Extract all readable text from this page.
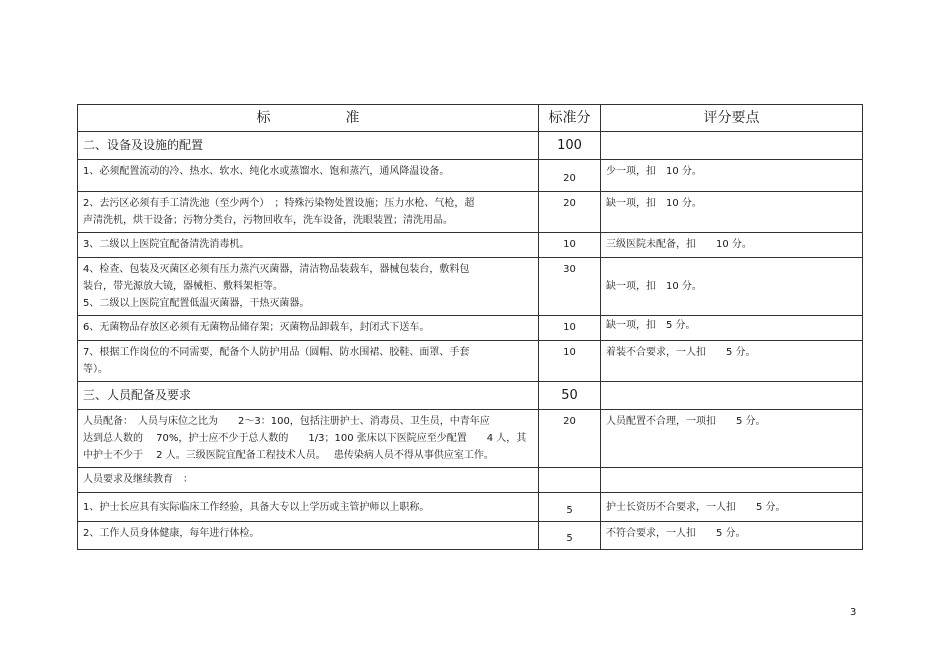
标 准	标准分	评分要点
二、设备及设施的配置	100	

1、必须配置流动的冷、热水、软水、纯化水或蒸馏水、饱和蒸汽，通风降温设备。	20	少一项，扣　10 分。

2、去污区必须有手工清洗池（至少两个）　；特殊污染物处置设施；压力水枪、气枪，超
声清洗机，烘干设备；污物分类台，污物回收车，洗车设备，洗眼装置；清洗用品。	20	缺一项，扣　10 分。

3、二级以上医院宜配备清洗消毒机。	10	三级医院未配备，扣　　10 分。

4、检查、包装及灭菌区必须有压力蒸汽灭菌器，清洁物品装载车，器械包装台，敷料包
装台，带光源放大镜，器械柜、敷料架柜等。
5、二级以上医院宜配置低温灭菌器，干热灭菌器。	30	缺一项，扣　10 分。

6、无菌物品存放区必须有无菌物品储存架；灭菌物品卸载车，封闭式下送车。	10	缺一项，扣　5 分。

7、根据工作岗位的不同需要，配备个人防护用品（圆帽、防水围裙、胶鞋、面罩、手套
等）。	10	着装不合要求，一人扣　　5 分。
三、人员配备及要求	50	

人员配备：　人员与床位之比为　　2～3：100，包括注册护士、消毒员、卫生员，中青年应
达到总人数的　 70%，护士应不少于总人数的　　1/3；100 张床以下医院应至少配置　　4 人，其
中护士不少于　 2 人。三级医院宜配备工程技术人员。　 患传染病人员不得从事供应室工作。	20	人员配置不合理，一项扣　　5 分。

人员要求及继续教育　：		

1、护士长应具有实际临床工作经验，具备大专以上学历或主管护师以上职称。	5	护士长资历不合要求，一人扣　　5 分。

2、工作人员身体健康，每年进行体检。	5	不符合要求，一人扣　　5 分。
3
